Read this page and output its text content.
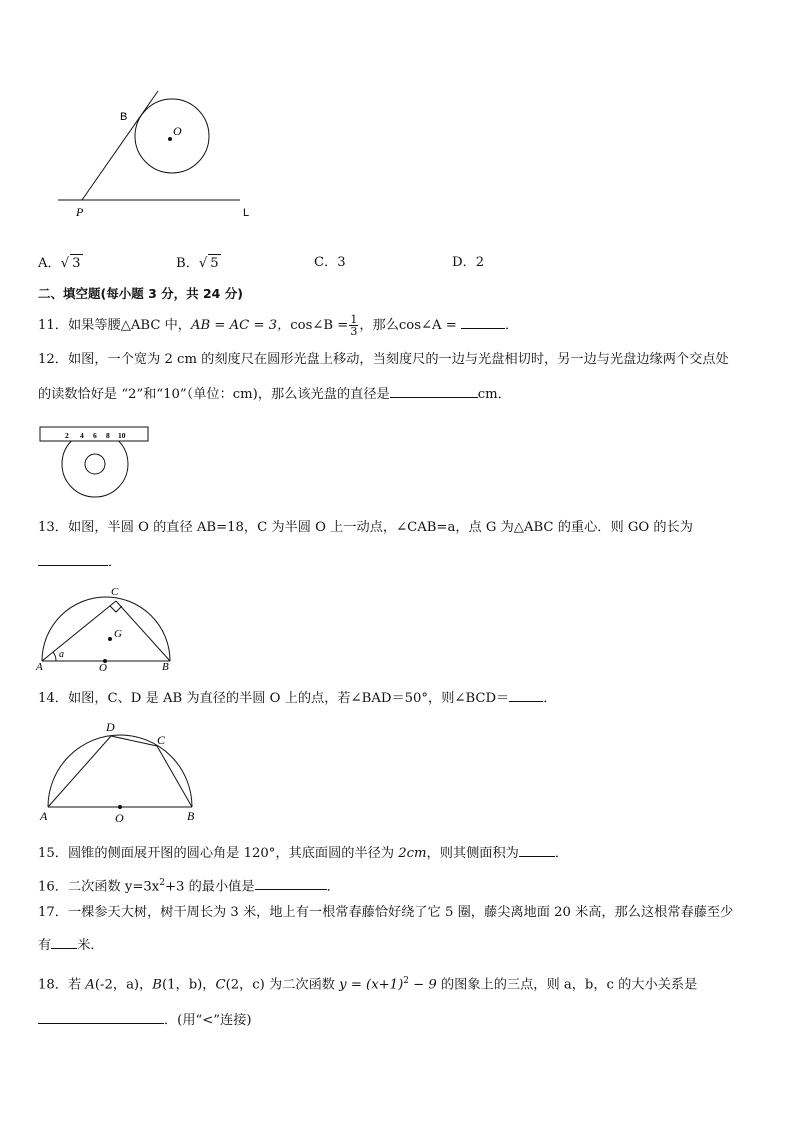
B
O
P	L
A．√ 3	B．√ 5	C．3	D．2
二、填空题(每小题 3 分，共 24 分)
11．如果等腰△ABC 中，AB = AC = 3，cos∠B = $\frac{1}{3}$ ，那么cos∠A =	．
12．如图，一个宽为 2 cm 的刻度尺在圆形光盘上移动，当刻度尺的一边与光盘相切时，另一边与光盘边缘两个交点处
的读数恰好是 “2”和“10”（单位：cm)，那么该光盘的直径是	cm．
2 4 6 8 10
13．如图，半圆 O 的直径 AB=18，C 为半圆 O 上一动点，∠CAB=a，点 G 为△ABC 的重心．则 GO 的长为
．
C
G
A
a
O	B
14．如图，C、D 是 AB 为直径的半圆 O 上的点，若∠BAD＝50°，则∠BCD＝	．
D
C
A	O	B
15．圆锥的侧面展开图的圆心角是 120°，其底面圆的半径为 2cm，则其侧面积为	．
16．二次函数 $y=3x^2+3$ 的最小值是	．
17．一棵参天大树，树干周长为 3 米，地上有一根常春藤恰好绕了它 5 圈，藤尖离地面 20 米高，那么这根常春藤至少
有 米．
18．若 A(-2，a)，B(1，b)，C(2，c) 为二次函数 $y = (x+1)^2 - 9$ 的图象上的三点，则 a，b，c 的大小关系是
．(用“<”连接)
